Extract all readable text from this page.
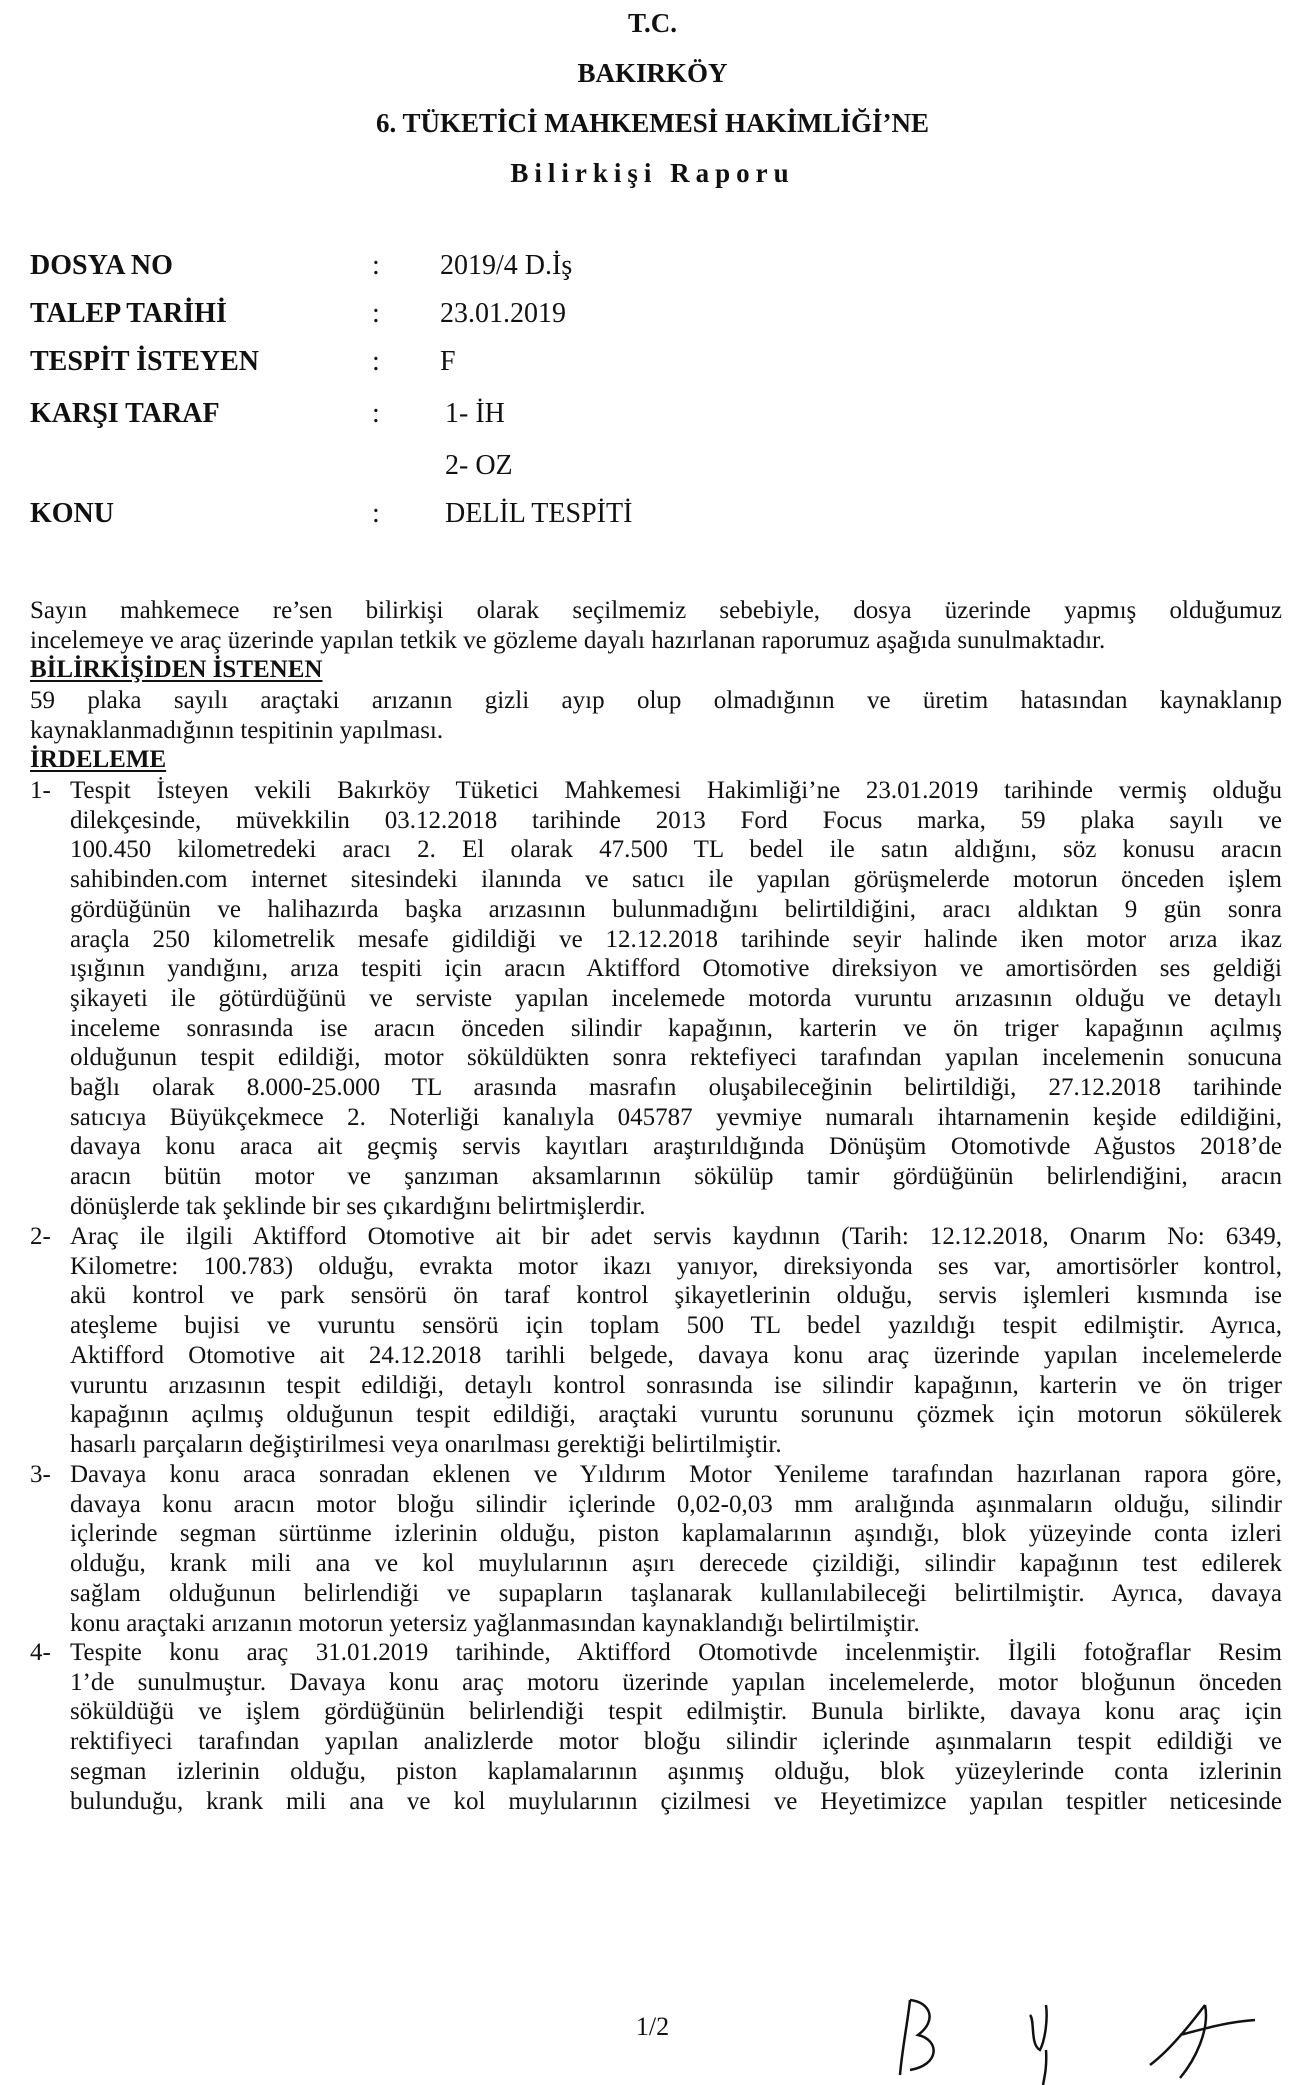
T.C.
BAKIRKÖY
6. TÜKETİCİ MAHKEMESİ HAKİMLİĞİ’NE
Bilirkişi Raporu
DOSYA NO	: 2019/4 D.İş
TALEP TARİHİ	: 23.01.2019
TESPİT İSTEYEN	: F
KARŞI TARAF	: 1- İH
2- OZ
KONU	: DELİL TESPİTİ
Sayın mahkemece re’sen bilirkişi olarak seçilmemiz sebebiyle, dosya üzerinde yapmış olduğumuz
incelemeye ve araç üzerinde yapılan tetkik ve gözleme dayalı hazırlanan raporumuz aşağıda sunulmaktadır.
BİLİRKİŞİDEN İSTENEN
59 plaka sayılı araçtaki arızanın gizli ayıp olup olmadığının ve üretim hatasından kaynaklanıp
kaynaklanmadığının tespitinin yapılması.
İRDELEME
1- Tespit İsteyen vekili Bakırköy Tüketici Mahkemesi Hakimliği’ne 23.01.2019 tarihinde vermiş olduğu
dilekçesinde, müvekkilin 03.12.2018 tarihinde 2013 Ford Focus marka, 59 plaka sayılı ve
100.450 kilometredeki aracı 2. El olarak 47.500 TL bedel ile satın aldığını, söz konusu aracın
sahibinden.com internet sitesindeki ilanında ve satıcı ile yapılan görüşmelerde motorun önceden işlem
gördüğünün ve halihazırda başka arızasının bulunmadığını belirtildiğini, aracı aldıktan 9 gün sonra
araçla 250 kilometrelik mesafe gidildiği ve 12.12.2018 tarihinde seyir halinde iken motor arıza ikaz
ışığının yandığını, arıza tespiti için aracın Aktifford Otomotive direksiyon ve amortisörden ses geldiği
şikayeti ile götürdüğünü ve serviste yapılan incelemede motorda vuruntu arızasının olduğu ve detaylı
inceleme sonrasında ise aracın önceden silindir kapağının, karterin ve ön triger kapağının açılmış
olduğunun tespit edildiği, motor söküldükten sonra rektefiyeci tarafından yapılan incelemenin sonucuna
bağlı olarak 8.000-25.000 TL arasında masrafın oluşabileceğinin belirtildiği, 27.12.2018 tarihinde
satıcıya Büyükçekmece 2. Noterliği kanalıyla 045787 yevmiye numaralı ihtarnamenin keşide edildiğini,
davaya konu araca ait geçmiş servis kayıtları araştırıldığında Dönüşüm Otomotivde Ağustos 2018’de
aracın bütün motor ve şanzıman aksamlarının sökülüp tamir gördüğünün belirlendiğini, aracın
dönüşlerde tak şeklinde bir ses çıkardığını belirtmişlerdir.
2- Araç ile ilgili Aktifford Otomotive ait bir adet servis kaydının (Tarih: 12.12.2018, Onarım No: 6349,
Kilometre: 100.783) olduğu, evrakta motor ikazı yanıyor, direksiyonda ses var, amortisörler kontrol,
akü kontrol ve park sensörü ön taraf kontrol şikayetlerinin olduğu, servis işlemleri kısmında ise
ateşleme bujisi ve vuruntu sensörü için toplam 500 TL bedel yazıldığı tespit edilmiştir. Ayrıca,
Aktifford Otomotive ait 24.12.2018 tarihli belgede, davaya konu araç üzerinde yapılan incelemelerde
vuruntu arızasının tespit edildiği, detaylı kontrol sonrasında ise silindir kapağının, karterin ve ön triger
kapağının açılmış olduğunun tespit edildiği, araçtaki vuruntu sorununu çözmek için motorun sökülerek
hasarlı parçaların değiştirilmesi veya onarılması gerektiği belirtilmiştir.
3- Davaya konu araca sonradan eklenen ve Yıldırım Motor Yenileme tarafından hazırlanan rapora göre,
davaya konu aracın motor bloğu silindir içlerinde 0,02-0,03 mm aralığında aşınmaların olduğu, silindir
içlerinde segman sürtünme izlerinin olduğu, piston kaplamalarının aşındığı, blok yüzeyinde conta izleri
olduğu, krank mili ana ve kol muylularının aşırı derecede çizildiği, silindir kapağının test edilerek
sağlam olduğunun belirlendiği ve supapların taşlanarak kullanılabileceği belirtilmiştir. Ayrıca, davaya
konu araçtaki arızanın motorun yetersiz yağlanmasından kaynaklandığı belirtilmiştir.
4- Tespite konu araç 31.01.2019 tarihinde, Aktifford Otomotivde incelenmiştir. İlgili fotoğraflar Resim
1’de sunulmuştur. Davaya konu araç motoru üzerinde yapılan incelemelerde, motor bloğunun önceden
söküldüğü ve işlem gördüğünün belirlendiği tespit edilmiştir. Bunula birlikte, davaya konu araç için
rektifiyeci tarafından yapılan analizlerde motor bloğu silindir içlerinde aşınmaların tespit edildiği ve
segman izlerinin olduğu, piston kaplamalarının aşınmış olduğu, blok yüzeylerinde conta izlerinin
bulunduğu, krank mili ana ve kol muylularının çizilmesi ve Heyetimizce yapılan tespitler neticesinde
1/2
